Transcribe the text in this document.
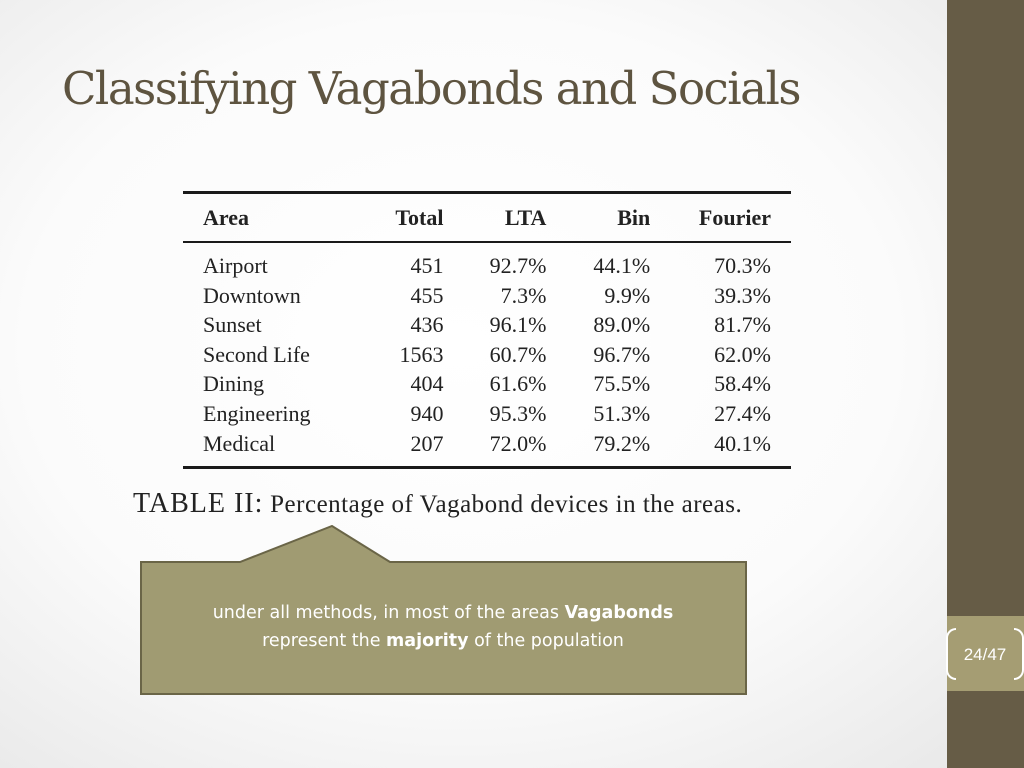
24/47
Classifying Vagabonds and Socials
Area	Total	LTA	Bin	Fourier

Airport	451	92.7%	44.1%	70.3%
Downtown	455	7.3%	9.9%	39.3%
Sunset	436	96.1%	89.0%	81.7%
Second Life	1563	60.7%	96.7%	62.0%
Dining	404	61.6%	75.5%	58.4%
Engineering	940	95.3%	51.3%	27.4%
Medical	207	72.0%	79.2%	40.1%

TABLE II: Percentage of Vagabond devices in the areas.
under all methods, in most of the areas Vagabonds
represent the majority of the population
